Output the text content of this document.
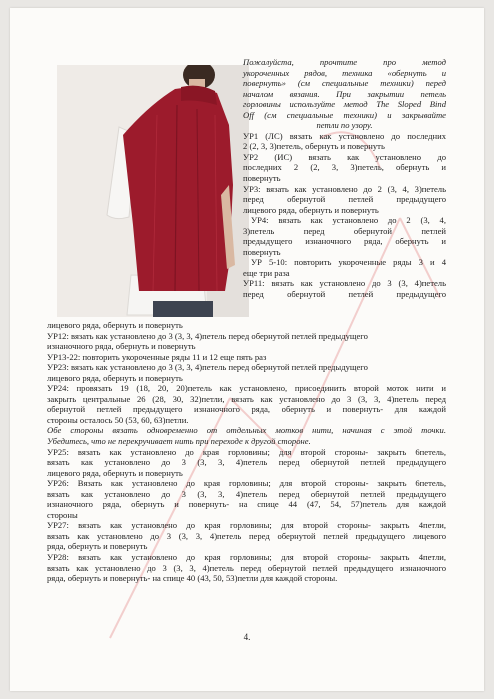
Пожалуйста, прочтите про метод

укороченных рядов, техника «обернуть и

повернуть» (см специальные техники) перед

началом вязания. При закрытии петель

горловины используйте метод The Sloped Bind

Off (см специальные техники) и закрывайте

петли по узору.

УР1 (ЛС) вязать как установлено до последних

2 (2, 3, 3)петель, обернуть и повернуть

УР2 (ИС) вязать как установлено до

последних 2 (2, 3, 3)петель, обернуть и

повернуть

УР3: вязать как установлено до 2 (3, 4, 3)петель

перед обернутой петлей предыдущего

лицевого ряда, обернуть и повернуть

УР4: вязать как установлено до 2 (3, 4,

3)петель перед обернутой петлей

предыдущего изнаночного ряда, обернуть и

повернуть

УР 5-10: повторить укороченные ряды 3 и 4

еще три раза

УР11: вязать как установлено до 3 (3, 4)петель

перед обернутой петлей предыдущего

лицевого ряда, обернуть и повернуть

УР12: вязать как установлено до 3 (3, 3, 4)петель перед обернутой петлей предыдущего

изнаночного ряда, обернуть и повернуть

УР13-22: повторить укороченные ряды 11 и 12 еще пять раз

УР23: вязать как установлено до 3 (3, 3, 4)петель перед обернутой петлей предыдущего

лицевого ряда, обернуть и повернуть

УР24: провязать 19 (18, 20, 20)петель как установлено, присоединить второй моток нити и

закрыть центральные 26 (28, 30, 32)петли, вязать как установлено до 3 (3, 3, 4)петель перед

обернутой петлей предыдущего изнаночного ряда, обернуть и повернуть- для каждой

стороны осталось 50 (53, 60, 63)петли.

Обе стороны вязать одновременно от отдельных мотков нити, начиная с этой точки.

Убедитесь, что не перекручивает нить при переходе к другой стороне.

УР25: вязать как установлено до края горловины; для второй стороны- закрыть 6петель,

вязать как установлено до 3 (3, 3, 4)петель перед обернутой петлей предыдущего

лицевого ряда, обернуть и повернуть

УР26: Вязать как установлено до края горловины; для второй стороны- закрыть 6петель,

вязать как установлено до 3 (3, 3, 4)петель перед обернутой петлей предыдущего

изнаночного ряда, обернуть и повернуть- на спице 44 (47, 54, 57)петель для каждой

стороны

УР27: вязать как установлено до края горловины; для второй стороны- закрыть 4петли,

вязать как установлено до 3 (3, 3, 4)петель перед обернутой петлей предыдущего лицевого

ряда, обернуть и повернуть

УР28: вязать как установлено до края горловины; для второй стороны- закрыть 4петли,

вязать как установлено до 3 (3, 3, 4)петель перед обернутой петлей предыдущего изнаночного

ряда, обернуть и повернуть- на спице 40 (43, 50, 53)петли для каждой стороны.

4.
